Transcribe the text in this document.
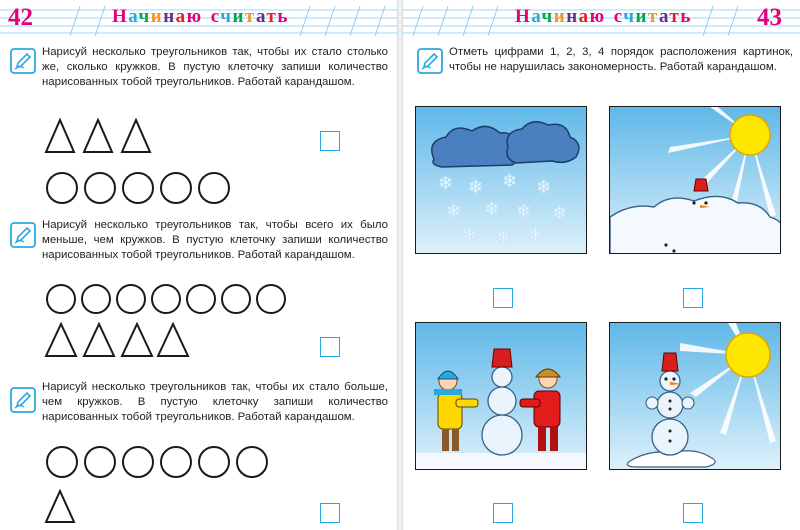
42	Начинаю считать
Нарисуй несколько треугольников так, чтобы их стало столько же, сколько кружков. В пустую клеточку запиши количество нарисованных тобой треугольников. Работай карандашом.
Нарисуй несколько треугольников так, чтобы всего их было меньше, чем кружков. В пустую клеточку запиши количество нарисованных тобой треугольников. Работай карандашом.
Нарисуй несколько треугольников так, чтобы их стало больше, чем кружков. В пустую клеточку запиши количество нарисованных тобой треугольников. Работай карандашом.
Начинаю считать	43
Отметь цифрами 1, 2, 3, 4 порядок расположения картинок, чтобы не нарушилась закономерность. Работай карандашом.
❄ ❄ ❄ ❄
❄ ❄ ❄ ❄
❄ ❄ ❄
